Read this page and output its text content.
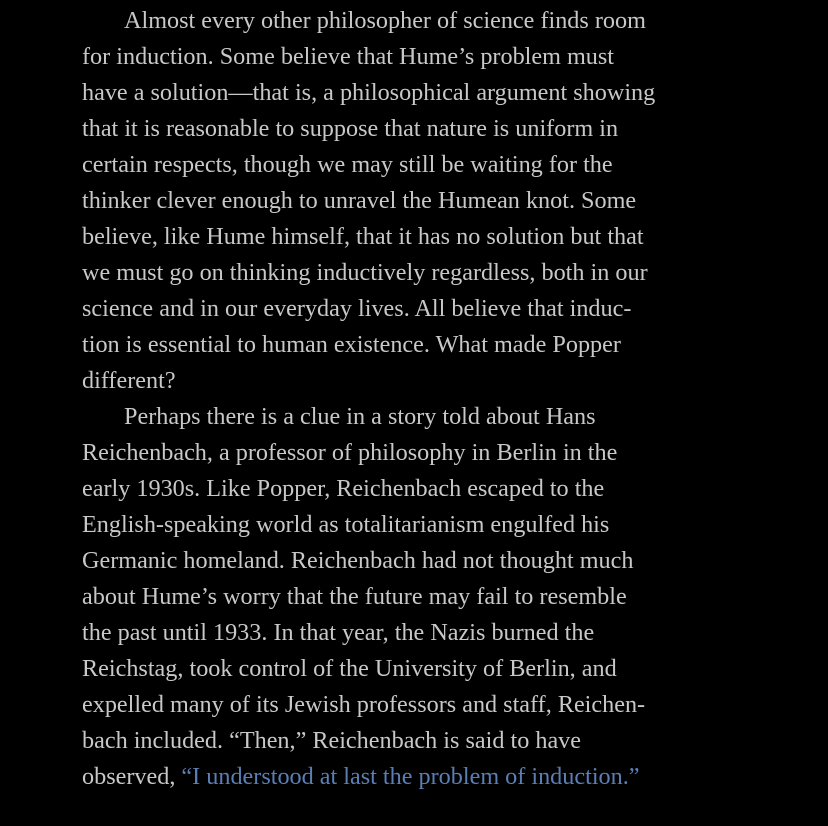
Almost every other philosopher of science finds room
for induction. Some believe that Hume’s problem must
have a solution—that is, a philosophical argument showing
that it is reasonable to suppose that nature is uniform in
certain respects, though we may still be waiting for the
thinker clever enough to unravel the Humean knot. Some
believe, like Hume himself, that it has no solution but that
we must go on thinking inductively regardless, both in our
science and in our everyday lives. All believe that induc-
tion is essential to human existence. What made Popper
different?
Perhaps there is a clue in a story told about Hans
Reichenbach, a professor of philosophy in Berlin in the
early 1930s. Like Popper, Reichenbach escaped to the
English-speaking world as totalitarianism engulfed his
Germanic homeland. Reichenbach had not thought much
about Hume’s worry that the future may fail to resemble
the past until 1933. In that year, the Nazis burned the
Reichstag, took control of the University of Berlin, and
expelled many of its Jewish professors and staff, Reichen-
bach included. “Then,” Reichenbach is said to have
observed, “I understood at last the problem of induction.”
